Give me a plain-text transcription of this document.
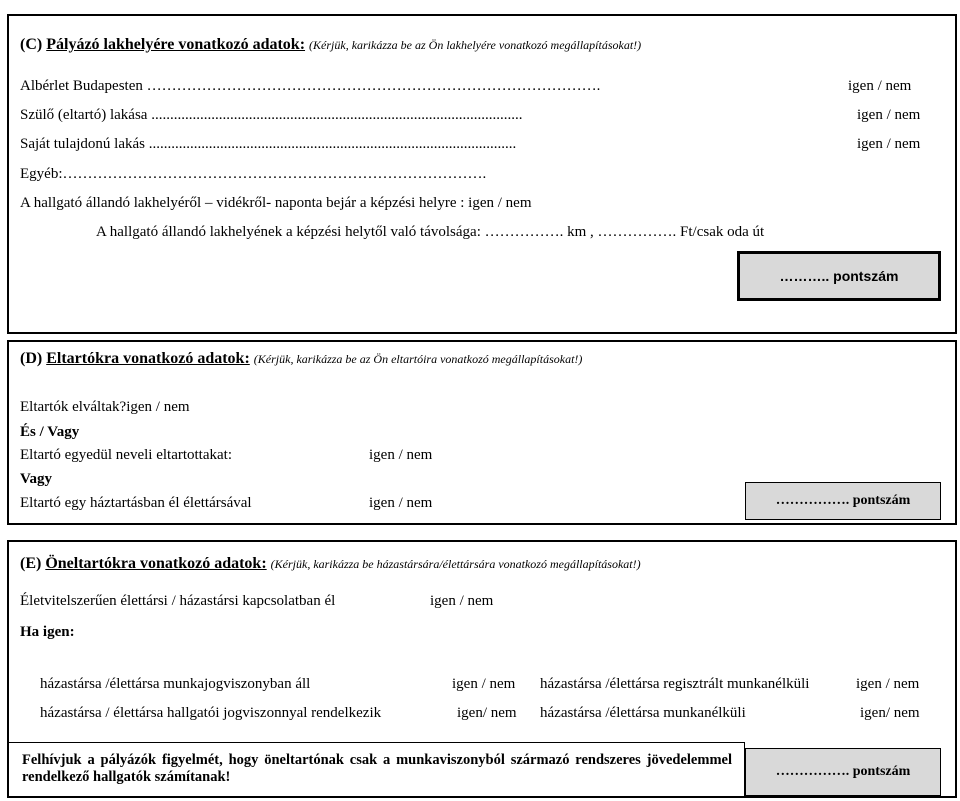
(C) Pályázó lakhelyére vonatkozó adatok: (Kérjük, karikázza be az Ön lakhelyére vonatkozó megállapításokat!)
Albérlet Budapesten ……………………………………………………………………………….	igen / nem
Szülő (eltartó) lakása ...................................................................................................	igen / nem
Saját tulajdonú lakás ..................................................................................................	igen / nem
Egyéb:………………………………………………………………………….
A hallgató állandó lakhelyéről – vidékről- naponta bejár a képzési helyre : igen / nem
A hallgató állandó lakhelyének a képzési helytől való távolsága: ……………. km , ……………. Ft/csak oda út
……….. pontszám
(D) Eltartókra vonatkozó adatok: (Kérjük, karikázza be az Ön eltartóira vonatkozó megállapításokat!)
Eltartók elváltak?igen / nem
És / Vagy
Eltartó egyedül neveli eltartottakat:	igen / nem
Vagy
Eltartó egy háztartásban él élettársával	igen / nem	……………. pontszám
(E) Öneltartókra vonatkozó adatok: (Kérjük, karikázza be házastársára/élettársára vonatkozó megállapításokat!)
Életvitelszerűen élettársi / házastársi kapcsolatban él	igen / nem
Ha igen:
házastársa /élettársa munkajogviszonyban áll	igen / nem házastársa /élettársa regisztrált munkanélküli	igen / nem
házastársa / élettársa hallgatói jogviszonnyal rendelkezik	igen/ nem házastársa /élettársa munkanélküli	igen/ nem
Felhívjuk a pályázók figyelmét, hogy öneltartónak csak a munkaviszonyból származó rendszeres jövedelemmel rendelkező hallgatók számítanak!	……………. pontszám
